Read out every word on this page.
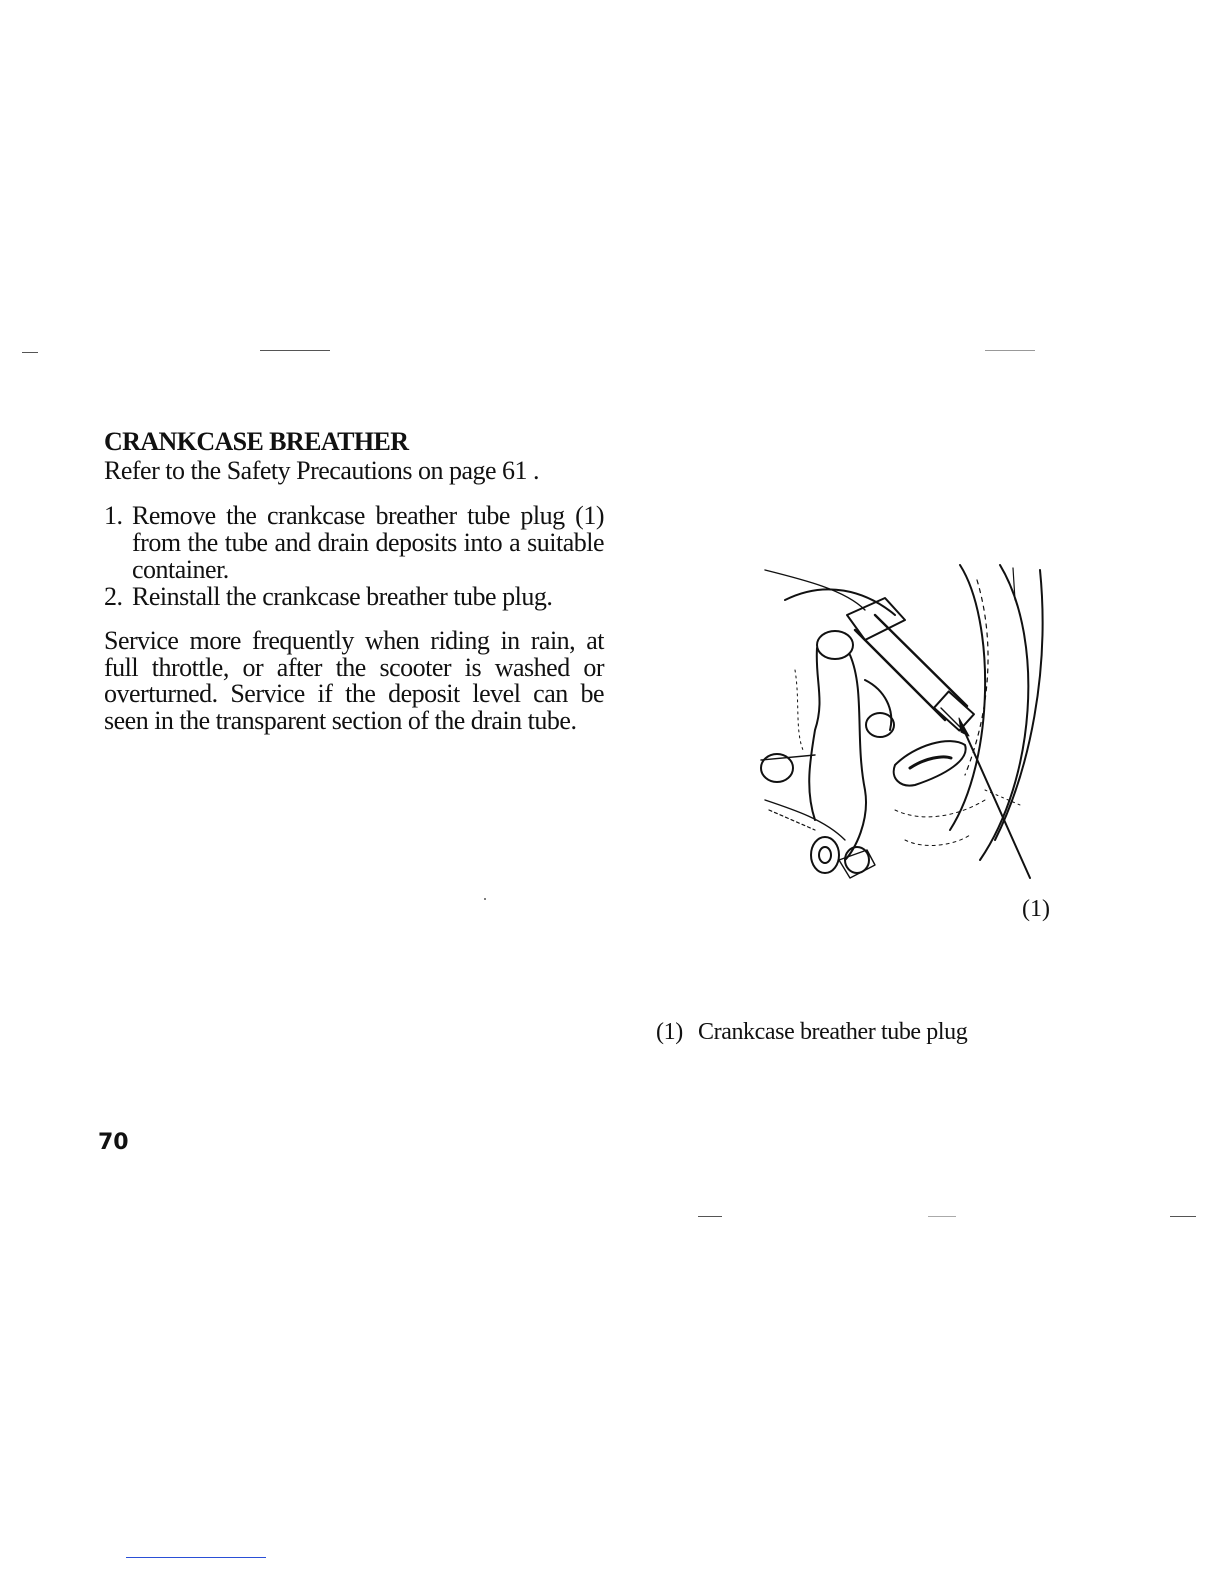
CRANKCASE BREATHER

Refer to the Safety Precautions on page 61 .

1. Remove the crankcase breather tube plug (1) from the tube and drain deposits into a suitable container.
2. Reinstall the crankcase breather tube plug.

Service more frequently when riding in rain, at full throttle, or after the scooter is washed or overturned. Service if the deposit level can be seen in the transparent section of the drain tube.

(1)
(1) Crankcase breather tube plug
70
